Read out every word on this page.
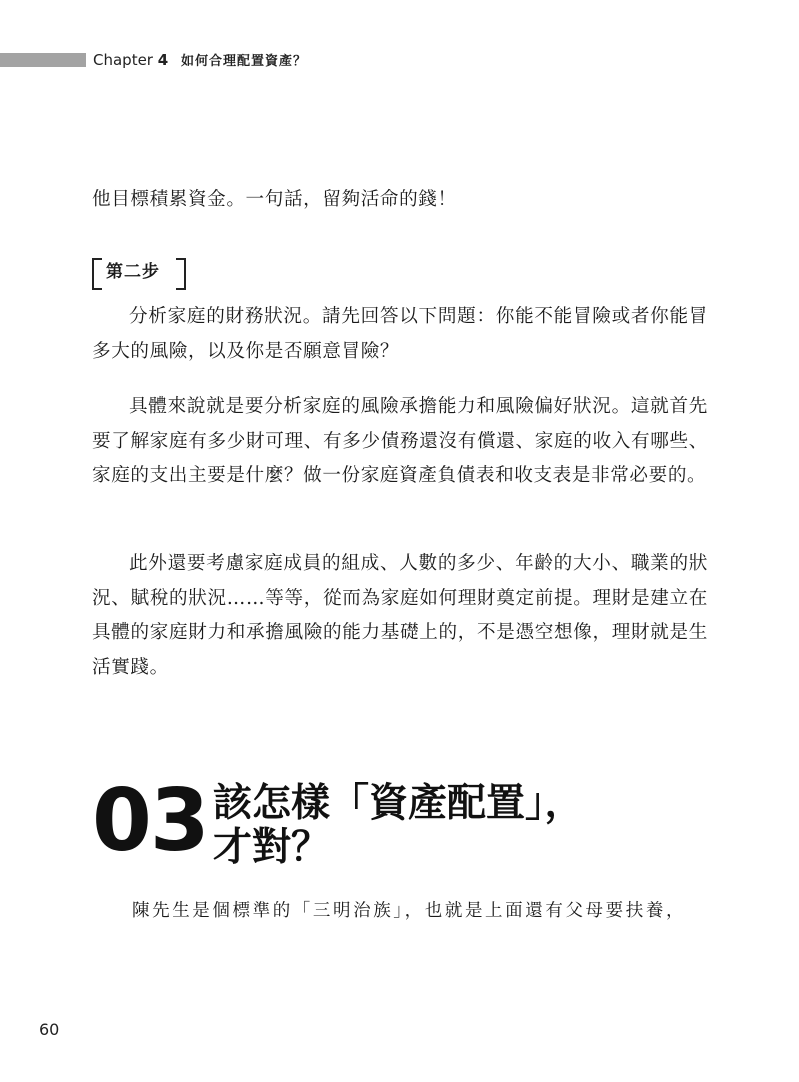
Chapter 4 如何合理配置資產？

他目標積累資金。一句話，留夠活命的錢！

第二步

分析家庭的財務狀況。請先回答以下問題：你能不能冒險或者你能冒多大的風險，以及你是否願意冒險？

具體來說就是要分析家庭的風險承擔能力和風險偏好狀況。這就首先要了解家庭有多少財可理、有多少債務還沒有償還、家庭的收入有哪些、家庭的支出主要是什麼？做一份家庭資產負債表和收支表是非常必要的。

此外還要考慮家庭成員的組成、人數的多少、年齡的大小、職業的狀況、賦稅的狀況……等等，從而為家庭如何理財奠定前提。理財是建立在具體的家庭財力和承擔風險的能力基礎上的，不是憑空想像，理財就是生活實踐。

03 該怎樣「資產配置」，
才對？

陳先生是個標準的「三明治族」，也就是上面還有父母要扶養，

60
